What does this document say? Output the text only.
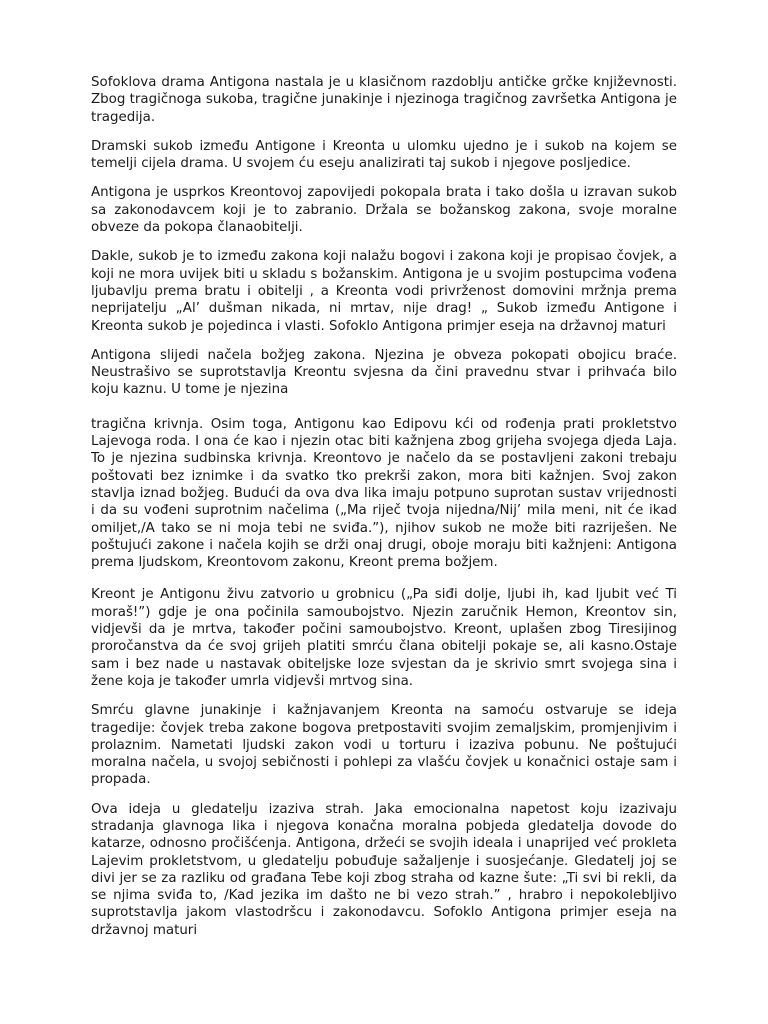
Sofoklova drama Antigona nastala je u klasičnom razdoblju antičke grčke književnosti. Zbog tragičnoga sukoba, tragične junakinje i njezinoga tragičnog završetka Antigona je tragedija.

Dramski sukob između Antigone i Kreonta u ulomku ujedno je i sukob na kojem se temelji cijela drama. U svojem ću eseju analizirati taj sukob i njegove posljedice.

Antigona je usprkos Kreontovoj zapovijedi pokopala brata i tako došla u izravan sukob sa zakonodavcem koji je to zabranio. Držala se božanskog zakona, svoje moralne obveze da pokopa članaobitelji.

Dakle, sukob je to između zakona koji nalažu bogovi i zakona koji je propisao čovjek, a koji ne mora uvijek biti u skladu s božanskim. Antigona je u svojim postupcima vođena ljubavlju prema bratu i obitelji , a Kreonta vodi privrženost domovini mržnja prema neprijatelju „Al’ dušman nikada, ni mrtav, nije drag! „ Sukob između Antigone i Kreonta sukob je pojedinca i vlasti. Sofoklo Antigona primjer eseja na državnoj maturi

Antigona slijedi načela božjeg zakona. Njezina je obveza pokopati obojicu braće. Neustrašivo se suprotstavlja Kreontu svjesna da čini pravednu stvar i prihvaća bilo koju kaznu. U tome je njezina

tragična krivnja. Osim toga, Antigonu kao Edipovu kći od rođenja prati prokletstvo Lajevoga roda. I ona će kao i njezin otac biti kažnjena zbog grijeha svojega djeda Laja. To je njezina sudbinska krivnja. Kreontovo je načelo da se postavljeni zakoni trebaju poštovati bez iznimke i da svatko tko prekrši zakon, mora biti kažnjen. Svoj zakon stavlja iznad božjeg. Budući da ova dva lika imaju potpuno suprotan sustav vrijednosti i da su vođeni suprotnim načelima („Ma riječ tvoja nijedna/Nij’ mila meni, nit će ikad omiljet,/A tako se ni moja tebi ne sviđa.”), njihov sukob ne može biti razriješen. Ne poštujući zakone i načela kojih se drži onaj drugi, oboje moraju biti kažnjeni: Antigona prema ljudskom, Kreontovom zakonu, Kreont prema božjem.

Kreont je Antigonu živu zatvorio u grobnicu („Pa siđi dolje, ljubi ih, kad ljubit već Ti moraš!”) gdje je ona počinila samoubojstvo. Njezin zaručnik Hemon, Kreontov sin, vidjevši da je mrtva, također počini samoubojstvo. Kreont, uplašen zbog Tiresijinog proročanstva da će svoj grijeh platiti smrću člana obitelji pokaje se, ali kasno.Ostaje sam i bez nade u nastavak obiteljske loze svjestan da je skrivio smrt svojega sina i žene koja je također umrla vidjevši mrtvog sina.

Smrću glavne junakinje i kažnjavanjem Kreonta na samoću ostvaruje se ideja tragedije: čovjek treba zakone bogova pretpostaviti svojim zemaljskim, promjenjivim i prolaznim. Nametati ljudski zakon vodi u torturu i izaziva pobunu. Ne poštujući moralna načela, u svojoj sebičnosti i pohlepi za vlašću čovjek u konačnici ostaje sam i propada.

Ova ideja u gledatelju izaziva strah. Jaka emocionalna napetost koju izazivaju stradanja glavnoga lika i njegova konačna moralna pobjeda gledatelja dovode do katarze, odnosno pročišćenja. Antigona, držeći se svojih ideala i unaprijed već prokleta Lajevim prokletstvom, u gledatelju pobuđuje sažaljenje i suosjećanje. Gledatelj joj se divi jer se za razliku od građana Tebe koji zbog straha od kazne šute: „Ti svi bi rekli, da se njima sviđa to, /Kad jezika im dašto ne bi vezo strah.” , hrabro i nepokolebljivo suprotstavlja jakom vlastodršcu i zakonodavcu. Sofoklo Antigona primjer eseja na državnoj maturi
